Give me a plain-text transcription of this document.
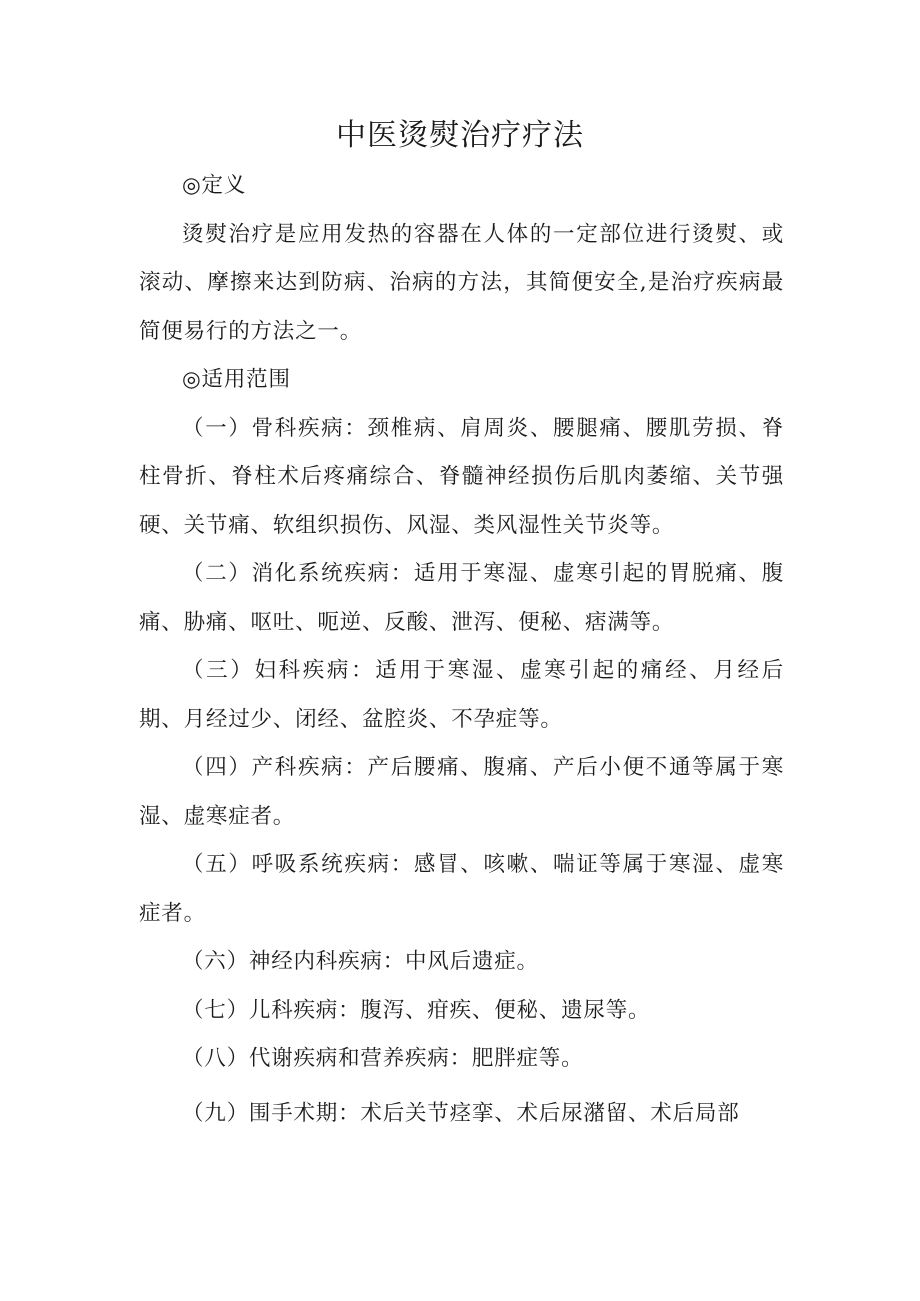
中医烫熨治疗疗法

◎定义

烫熨治疗是应用发热的容器在人体的一定部位进行烫熨、或滚动、摩擦来达到防病、治病的方法，其简便安全,是治疗疾病最简便易行的方法之一。

◎适用范围

（一）骨科疾病：颈椎病、肩周炎、腰腿痛、腰肌劳损、脊柱骨折、脊柱术后疼痛综合、脊髓神经损伤后肌肉萎缩、关节强硬、关节痛、软组织损伤、风湿、类风湿性关节炎等。

（二）消化系统疾病：适用于寒湿、虚寒引起的胃脱痛、腹痛、胁痛、呕吐、呃逆、反酸、泄泻、便秘、痞满等。

（三）妇科疾病：适用于寒湿、虚寒引起的痛经、月经后期、月经过少、闭经、盆腔炎、不孕症等。

（四）产科疾病：产后腰痛、腹痛、产后小便不通等属于寒湿、虚寒症者。

（五）呼吸系统疾病：感冒、咳嗽、喘证等属于寒湿、虚寒症者。

（六）神经内科疾病：中风后遗症。

（七）儿科疾病：腹泻、疳疾、便秘、遗尿等。

（八）代谢疾病和营养疾病：肥胖症等。

（九）围手术期：术后关节痉挛、术后尿潴留、术后局部
